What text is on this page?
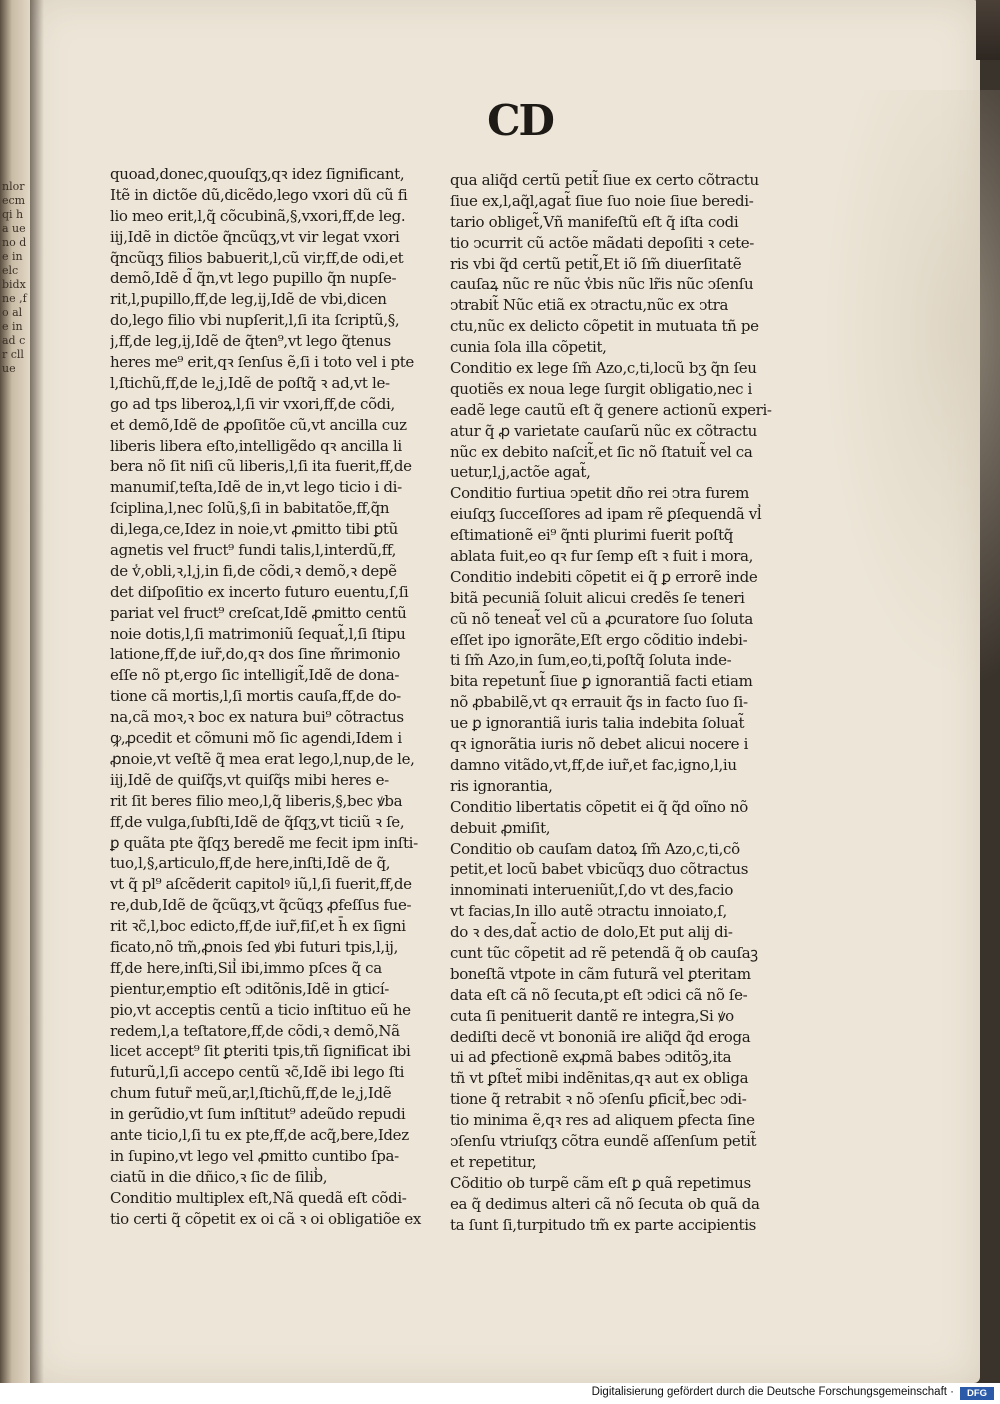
nlorecm qi ha ueno de in elc bidx ne ,fo ale in ad cr cll ue
CD
quoad,donec,quouſqʒ,qꝛ idez ſignificant,
Itẽ in dictõe dũ,dicẽdo,lego vxori dũ cũ fi
lio meo erit,l,q̃ cõcubinã,§,vxori,ff,de leg.
iij,Idẽ in dictõe q̃ncũqʒ,vt vir legat vxori
q̃ncũqʒ filios babuerit,l,cũ vir,ff,de odi,et
demõ,Idẽ d̃ q̃n,vt lego pupillo q̃n nupſe‑
rit,l,pupillo,ff,de leg,ij,Idẽ de vbi,dicen
do,lego filio vbi nupſerit,l,ſi ita ſcriptũ,§,
j,ff,de leg,ij,Idẽ de q̃ten⁹,vt lego q̃tenus
heres me⁹ erit,qꝛ ſenſus ẽ,ſi i toto vel i pte
l,ſtichũ,ff,de le,j,Idẽ de poſtq̃ ꝛ ad,vt le‑
go ad tps liberoꝝ,l,ſi vir vxori,ff,de cõdi,
et demõ,Idẽ de ꝓpoſitõe cũ,vt ancilla cuz
liberis libera eſto,intelligẽdo qꝛ ancilla li
bera nõ ſit niſi cũ liberis,l,ſi ita fuerit,ff,de
manumiſ,teſta,Idẽ de in,vt lego ticio i di‑
ſciplina,l,nec ſolũ,§,ſi in babitatõe,ff,q̃n
di,lega,ce,Idez in noie,vt ꝓmitto tibi ꝑtũ
agnetis vel fruct⁹ fundi talis,l,interdũ,ff,
de v̾,obli,ꝛ,l,j,in fi,de cõdi,ꝛ demõ,ꝛ depẽ
det diſpoſitio ex incerto futuro euentu,ſ,ſi
pariat vel fruct⁹ creſcat,Idẽ ꝓmitto centũ
noie dotis,l,ſi matrimoniũ ſequat̃,l,ſi ſtipu
latione,ff,de iur̃,do,qꝛ dos ſine m̃rimonio
eſſe nõ pt,ergo ſic intelligit̃,Idẽ de dona‑
tione cã mortis,l,ſi mortis cauſa,ff,de do‑
na,cã moꝛ,ꝛ boc ex natura bui⁹ cõtractus
ꝙ,ꝓcedit et cõmuni mõ ſic agendi,Idem i
ꝓnoie,vt veſtẽ q̃ mea erat lego,l,nup,de le,
iij,Idẽ de quiſq̃s,vt quiſq̃s mibi heres e‑
rit ſit beres filio meo,l,q̃ liberis,§,bec ꝟba
ff,de vulga,ſubſti,Idẽ de q̃ſqʒ,vt ticiũ ꝛ ſe,
ꝑ quãta pte q̃ſqʒ beredẽ me fecit ipm inſti‑
tuo,l,§,articulo,ff,de here,inſti,Idẽ de q̃,
vt q̃ pl⁹ aſcẽderit capitolꝰ iũ,l,ſi fuerit,ff,de
re,dub,Idẽ de q̃cũqʒ,vt q̃cũqʒ ꝓfeſſus fue‑
rit ꝛc̃,l,boc edicto,ff,de iur̃,fiſ,et h̄ ex ſigni
ficato,nõ tm̃,ꝓnois ſed ꝟbi futuri tpis,l,ij,
ff,de here,inſti,Sil̾ ibi,immo pſces q̃ ca
pientur,emptio eſt ↄditõnis,Idẽ in gticí‑
pio,vt acceptis centũ a ticio inſtituo eũ he
redem,l,a teſtatore,ff,de cõdi,ꝛ demõ,Nã
licet accept⁹ ſit ꝑteriti tpis,tñ ſignificat ibi
futurũ,l,ſi accepo centũ ꝛc̃,Idẽ ibi lego ſti
chum futur̃ meũ,ar,l,ſtichũ,ff,de le,j,Idẽ
in gerũdio,vt ſum inſtitut⁹ adeũdo repudi
ante ticio,l,ſi tu ex pte,ff,de acq̃,bere,Idez
in ſupino,vt lego vel ꝓmitto cuntibo ſpa‑
ciatũ in die dñico,ꝛ ſic de ſilib̾,
Conditio multiplex eſt,Nã quedã eſt cõdi‑
tio certi q̃ cõpetit ex oi cã ꝛ oi obligatiõe ex
qua aliq̃d certũ petit̃ ſiue ex certo cõtractu
ſiue ex,l,aq̃l,agat̃ ſiue ſuo noie ſiue beredi‑
tario obliget̃,Vñ manifeſtũ eſt q̃ iſta codi
tio ↄcurrit cũ actõe mãdati depoſiti ꝛ cete‑
ris vbi q̃d certũ petit̃,Et iõ ſm̃ diuerſitatẽ
cauſaꝝ nũc re nũc v̾bis nũc lr̃is nũc ↄſenſu
ↄtrabit̃ Nũc etiã ex ↄtractu,nũc ex ↄtra
ctu,nũc ex delicto cõpetit in mutuata tñ pe
cunia ſola illa cõpetit,
Conditio ex lege ſm̃ Azo,c,ti,locũ bʒ q̃n ſeu
quotiẽs ex noua lege ſurgit obligatio,nec i
eadẽ lege cautũ eſt q̃ genere actionũ experi‑
atur q̃ ꝓ varietate cauſarũ nũc ex cõtractu
nũc ex debito naſcit̃,et ſic nõ ſtatuit̃ vel ca
uetur,l,j,actõe agat̃,
Conditio furtiua ↄpetit dño rei ↄtra furem
eiuſqʒ ſucceſſores ad ipam rẽ ꝑſequendã vl̾
eſtimationẽ ei⁹ q̃nti plurimi fuerit poſtq̃
ablata fuit,eo qꝛ fur ſemp eſt ꝛ fuit i mora,
Conditio indebiti cõpetit ei q̃ ꝑ errorẽ inde
bitã pecuniã ſoluit alicui credẽs ſe teneri
cũ nõ teneat̃ vel cũ a ꝓcuratore ſuo ſoluta
eſſet ipo ignorãte,Eſt ergo cõditio indebi‑
ti ſm̃ Azo,in ſum,eo,ti,poſtq̃ ſoluta inde‑
bita repetunt̃ ſiue ꝑ ignorantiã facti etiam
nõ ꝓbabilẽ,vt qꝛ errauit q̃s in facto ſuo ſi‑
ue ꝑ ignorantiã iuris talia indebita ſoluat̃
qꝛ ignorãtia iuris nõ debet alicui nocere i
damno vitãdo,vt,ff,de iur̃,et fac,igno,l,iu
ris ignorantia,
Conditio libertatis cõpetit ei q̃ q̃d oĩno nõ
debuit ꝓmiſit,
Conditio ob cauſam datoꝝ ſm̃ Azo,c,ti,cõ
petit,et locũ babet vbicũqʒ duo cõtractus
innominati interueniũt,ſ,do vt des,facio
vt facias,In illo autẽ ↄtractu innoiato,ſ,
do ꝛ des,dat̃ actio de dolo,Et put alij di‑
cunt tũc cõpetit ad rẽ petendã q̃ ob cauſaꝫ
boneſtã vtpote in cãm futurã vel ꝑteritam
data eſt cã nõ ſecuta,pt eſt ↄdici cã nõ ſe‑
cuta ſi penituerit dantẽ re integra,Si ꝟo
dediſti decẽ vt bononiã ire aliq̃d q̃d eroga
ui ad ꝑfectionẽ exꝓmã babes ↄditõꝫ,ita
tñ vt ꝑſtet̃ mibi indẽnitas,qꝛ aut ex obliga
tione q̃ retrabit ꝛ nõ ↄſenſu ꝑficit̃,bec ↄdi‑
tio minima ẽ,qꝛ res ad aliquem ꝑfecta ſine
ↄſenſu vtriuſqʒ cõtra eundẽ aſſenſum petit̃
et repetitur,
Cõditio ob turpẽ cãm eſt ꝑ quã repetimus
ea q̃ dedimus alteri cã nõ ſecuta ob quã da
ta ſunt ſi,turpitudo tm̃ ex parte accipientis
Digitalisierung gefördert durch die Deutsche Forschungsgemeinschaft ·	DFG
